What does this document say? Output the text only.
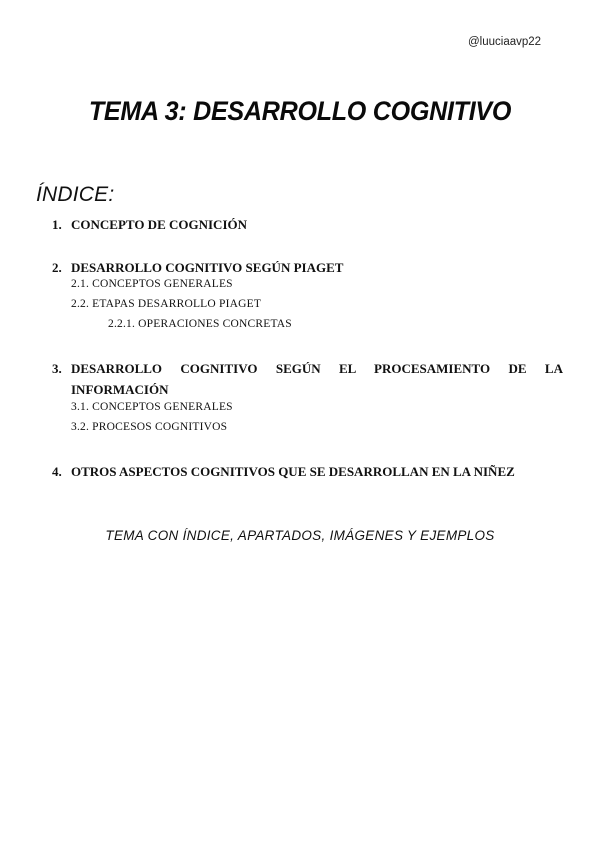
@luuciaavp22
TEMA 3: DESARROLLO COGNITIVO
ÍNDICE:
1. CONCEPTO DE COGNICIÓN
2. DESARROLLO COGNITIVO SEGÚN PIAGET
2.1. CONCEPTOS GENERALES
2.2. ETAPAS DESARROLLO PIAGET
2.2.1. OPERACIONES CONCRETAS
3. DESARROLLO COGNITIVO SEGÚN EL PROCESAMIENTO DE LA INFORMACIÓN
3.1. CONCEPTOS GENERALES
3.2. PROCESOS COGNITIVOS
4. OTROS ASPECTOS COGNITIVOS QUE SE DESARROLLAN EN LA NIÑEZ
TEMA CON ÍNDICE, APARTADOS, IMÁGENES Y EJEMPLOS
